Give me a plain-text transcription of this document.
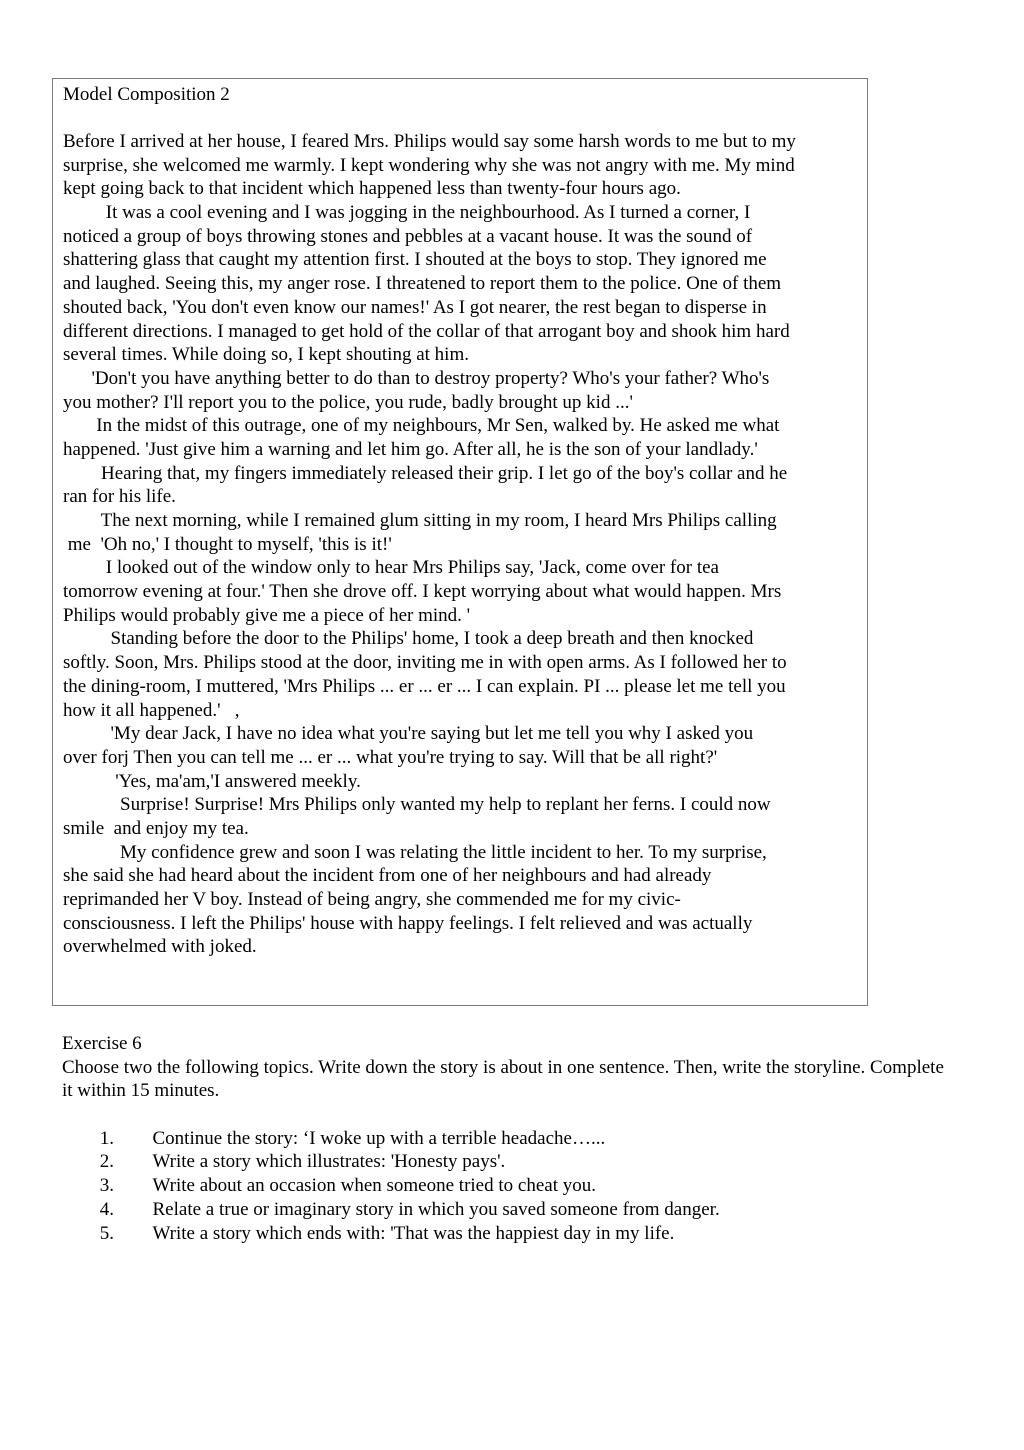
Model Composition 2
Before I arrived at her house, I feared Mrs. Philips would say some harsh words to me but to my
surprise, she welcomed me warmly. I kept wondering why she was not angry with me. My mind
kept going back to that incident which happened less than twenty-four hours ago.
It was a cool evening and I was jogging in the neighbourhood. As I turned a corner, I
noticed a group of boys throwing stones and pebbles at a vacant house. It was the sound of
shattering glass that caught my attention first. I shouted at the boys to stop. They ignored me
and laughed. Seeing this, my anger rose. I threatened to report them to the police. One of them
shouted back, 'You don't even know our names!' As I got nearer, the rest began to disperse in
different directions. I managed to get hold of the collar of that arrogant boy and shook him hard
several times. While doing so, I kept shouting at him.
'Don't you have anything better to do than to destroy property? Who's your father? Who's
you mother? I'll report you to the police, you rude, badly brought up kid ...'
In the midst of this outrage, one of my neighbours, Mr Sen, walked by. He asked me what
happened. 'Just give him a warning and let him go. After all, he is the son of your landlady.'
Hearing that, my fingers immediately released their grip. I let go of the boy's collar and he
ran for his life.
The next morning, while I remained glum sitting in my room, I heard Mrs Philips calling
me  'Oh no,' I thought to myself, 'this is it!'
I looked out of the window only to hear Mrs Philips say, 'Jack, come over for tea
tomorrow evening at four.' Then she drove off. I kept worrying about what would happen. Mrs
Philips would probably give me a piece of her mind. '
Standing before the door to the Philips' home, I took a deep breath and then knocked
softly. Soon, Mrs. Philips stood at the door, inviting me in with open arms. As I followed her to
the dining-room, I muttered, 'Mrs Philips ... er ... er ... I can explain. PI ... please let me tell you
how it all happened.'   ,
'My dear Jack, I have no idea what you're saying but let me tell you why I asked you
over forj Then you can tell me ... er ... what you're trying to say. Will that be all right?'
'Yes, ma'am,'I answered meekly.
Surprise! Surprise! Mrs Philips only wanted my help to replant her ferns. I could now
smile  and enjoy my tea.
My confidence grew and soon I was relating the little incident to her. To my surprise,
she said she had heard about the incident from one of her neighbours and had already
reprimanded her V boy. Instead of being angry, she commended me for my civic-
consciousness. I left the Philips' house with happy feelings. I felt relieved and was actually
overwhelmed with joked.
Exercise 6
Choose two the following topics. Write down the story is about in one sentence. Then, write the storyline. Complete
it within 15 minutes.

1. Continue the story: ‘I woke up with a terrible headache…...

2. Write a story which illustrates: 'Honesty pays'.

3. Write about an occasion when someone tried to cheat you.

4. Relate a true or imaginary story in which you saved someone from danger.

5. Write a story which ends with: 'That was the happiest day in my life.
